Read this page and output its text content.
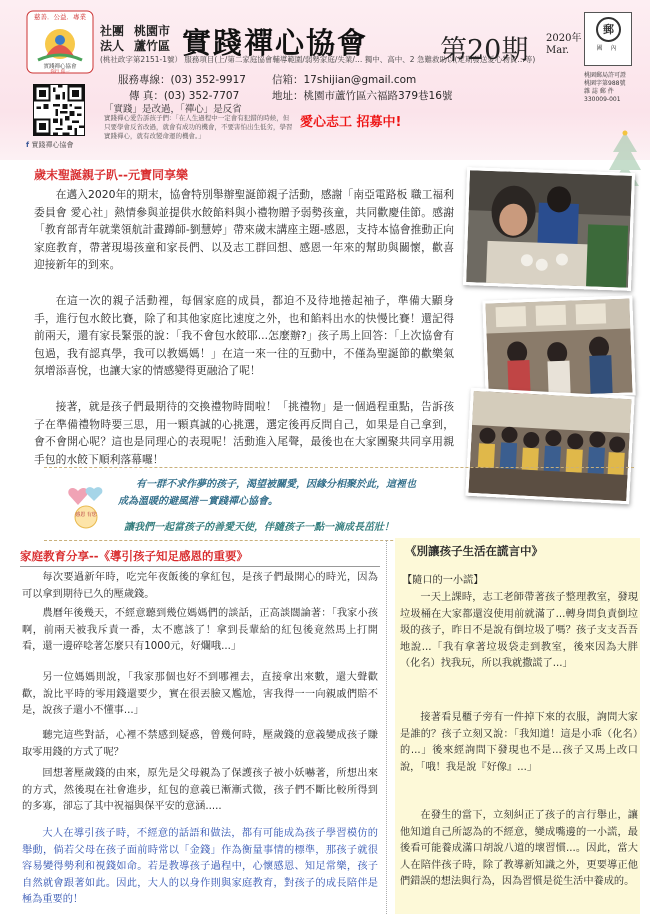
慈善．公益．專業
實踐禪心協會
你行 你一
社團
法人
桃園市
蘆竹區 實踐禪心協會
(桃社政字第2151-1號） 服務項目(上/第二家庭協會輔導範圍/弱勢家庭/失業/… 獨中、高中、2 急難救助以(定期發送愛心物資…等)
第20期 2020年
Mar.
郵
國 內
桃園郵局許可證
桃園字第988號
雜 誌 郵 件
330009-001
服務專線：(03) 352-9917
傳 真：(03) 352-7707
信箱：17shijian@gmail.com
地址：桃園市蘆竹區六福路379巷16號
f 實踐禪心協會
「實踐」是改過，「禪心」是反省
實踐禪心愛告訴孩子們：「在人生過程中一定會有犯錯的時候，但只要學會反省改過，就會有成功的機會，不要害怕出生低劣，學習實踐禪心，就有改變命運的機會。」
愛心志工 招募中!
歲末聖誕親子趴--元寶同享樂
在邁入2020年的期末，協會特別舉辦聖誕節親子活動，感謝「南亞電路板 職工福利委員會 愛心社」熱情參與並提供水餃餡料與小禮物贈予弱勢孩童，共同歡慶佳節。感謝「教育部青年就業領航計畫蹲師-劉慧婷」帶來歲末講座主題-感恩，支持本協會推動正向家庭教育，帶著現場孩童和家長們、以及志工群回想、感恩一年來的幫助與關懷，歡喜迎接新年的到來。
在這一次的親子活動裡，每個家庭的成員，都迫不及待地捲起袖子，準備大顯身手，進行包水餃比賽，除了和其他家庭比速度之外，也和餡料出水的快慢比賽！還記得前兩天，還有家長緊張的說：「我不會包水餃耶...怎麼辦?」孩子馬上回答：「上次協會有包過，我有認真學，我可以教媽媽！」在這一來一往的互動中，不僅為聖誕節的歡樂氣氛增添喜悅，也讓大家的情感變得更融洽了呢！
接著，就是孩子們最期待的交換禮物時間啦！「挑禮物」是一個過程重點，告訴孩子在準備禮物時要三思，用一顆真誠的心挑選，選定後再反問自己，如果是自己拿到，會不會開心呢？這也是同理心的表現呢！活動進入尾聲，最後也在大家團聚共同享用親手包的水餃下順利落幕囉！
感恩 有您
有一群不求作夢的孩子，渴望被關愛，因緣分相聚於此，這裡也
成為溫暖的避風港－實踐禪心協會。
讓我們一起當孩子的善愛天使，伴隨孩子一點一滴成長茁壯！
家庭教育分享--《導引孩子知足感恩的重要》
每次要過新年時，吃完年夜飯後的拿紅包，是孩子們最開心的時光，因為可以拿到期待已久的壓歲錢。
農曆年後幾天，不經意聽到幾位媽媽們的談話，正高談闊論著：「我家小孩啊，前兩天被我斥責一番，太不應該了！拿到長輩給的紅包後竟然馬上打開看，還一邊碎唸著怎麼只有1000元，好爛哦...」
另一位媽媽則說，「我家那個也好不到哪裡去，直接拿出來數，還大聲歡歡，說比平時的零用錢還要少，實在很丟臉又尷尬，害我得一一向親戚們賠不是，說孩子還小不懂事...」
聽完這些對話，心裡不禁感到疑惑，曾幾何時，壓歲錢的意義變成孩子賺取零用錢的方式了呢？
回想著壓歲錢的由來，原先是父母親為了保護孩子被小妖嚇著，所想出來的方式，然後現在社會進步，紅包的意義已漸漸式微，孩子們不斷比較所得到的多寡，卻忘了其中祝福與保平安的意涵.....
大人在導引孩子時，不經意的話語和做法，都有可能成為孩子學習模仿的舉動，倘若父母在孩子面前時常以「金錢」作為衡量事情的標準，那孩子就很容易變得勢利和視錢如命。若是教導孩子過程中，心懷感恩、知足常樂，孩子自然就會跟著如此。因此，大人的以身作則與家庭教育，對孩子的成長陪伴是極為重要的！
《別讓孩子生活在謊言中》
【隨口的一小謊】
一天上課時，志工老師帶著孩子整理教室，發現垃圾桶在大家都還沒使用前就滿了...轉身問負責倒垃圾的孩子，昨日不是說有倒垃圾了嗎？孩子支支吾吾地說...「我有拿著垃圾袋走到教室，後來因為大胖（化名）找我玩，所以我就撒謊了...」
接著看見櫃子旁有一件掉下來的衣服，詢問大家是誰的？孩子立刻又說：「我知道！這是小乖（化名）的...」後來經詢問下發現也不是...孩子又馬上改口說，「哦！我是說『好像』...」
在發生的當下，立刻糾正了孩子的言行舉止，讓他知道自己所認為的不經意，變成嘴邊的一小謊，最後看可能養成滿口胡說八道的壞習慣...。因此，當大人在陪伴孩子時，除了教導新知識之外，更要導正他們錯誤的想法與行為，因為習慣是從生活中養成的。
